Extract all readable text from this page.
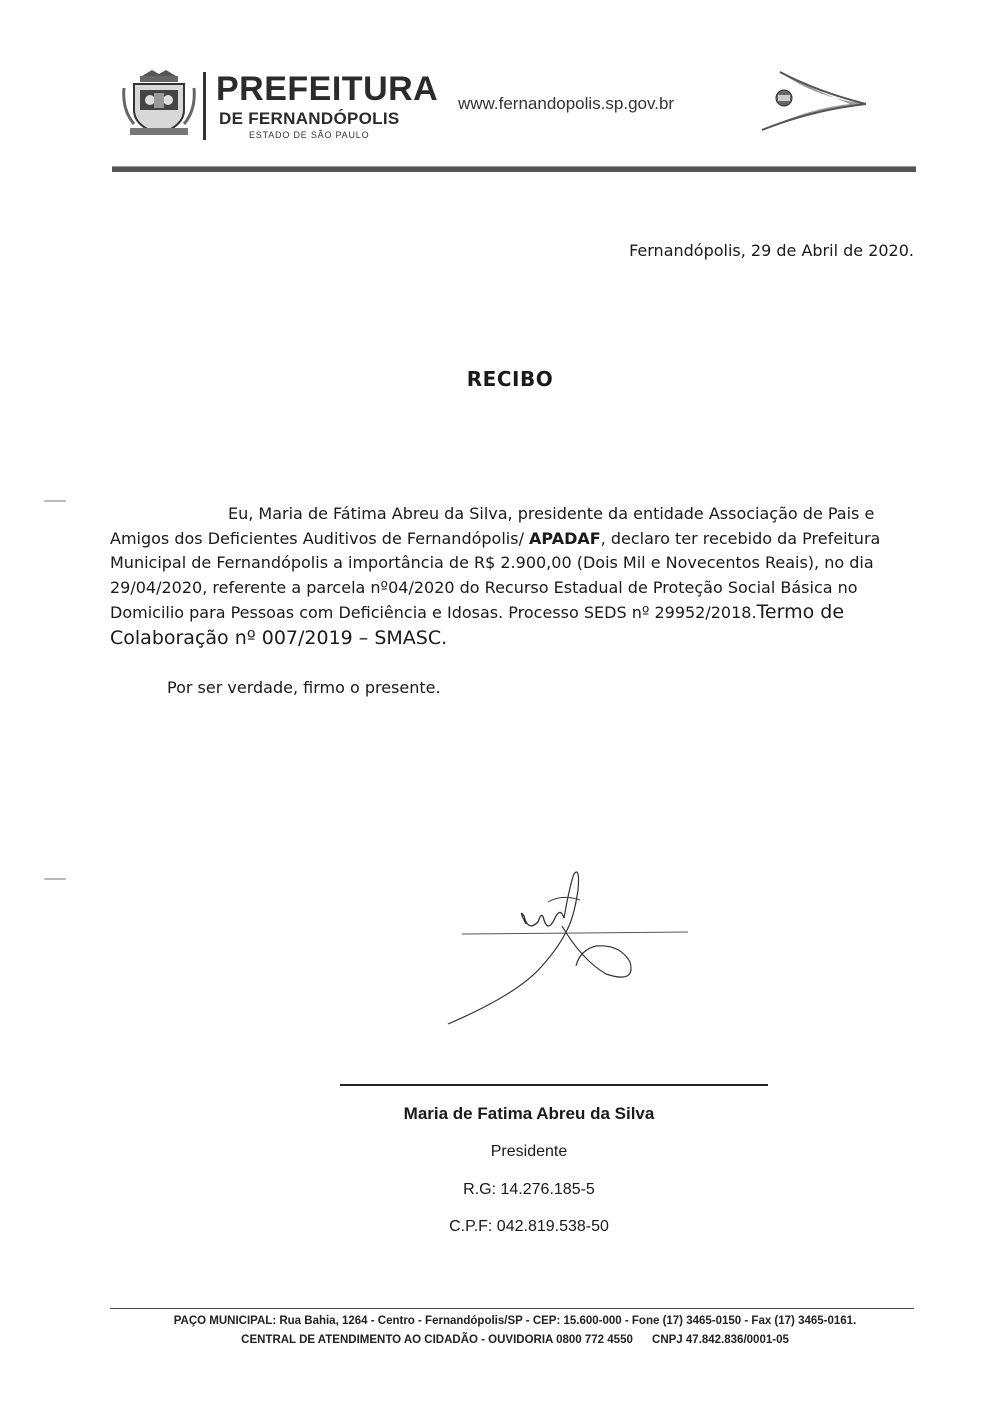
PREFEITURA
DE FERNANDÓPOLIS
ESTADO DE SÃO PAULO
www.fernandopolis.sp.gov.br
Fernandópolis, 29 de Abril de 2020.
RECIBO

Eu, Maria de Fátima Abreu da Silva, presidente da entidade Associação de Pais e Amigos dos Deficientes Auditivos de Fernandópolis/ APADAF, declaro ter recebido da Prefeitura Municipal de Fernandópolis a importância de R$ 2.900,00 (Dois Mil e Novecentos Reais), no dia 29/04/2020, referente a parcela nº04/2020 do Recurso Estadual de Proteção Social Básica no Domicilio para Pessoas com Deficiência e Idosas. Processo SEDS nº 29952/2018.Termo de Colaboração nº 007/2019 – SMASC.

Por ser verdade, firmo o presente.
Maria de Fatima Abreu da Silva
Presidente
R.G: 14.276.185-5
C.P.F: 042.819.538-50
PAÇO MUNICIPAL: Rua Bahia, 1264 - Centro - Fernandópolis/SP - CEP: 15.600-000 - Fone (17) 3465-0150 - Fax (17) 3465-0161.
CENTRAL DE ATENDIMENTO AO CIDADÃO - OUVIDORIA 0800 772 4550      CNPJ 47.842.836/0001-05
